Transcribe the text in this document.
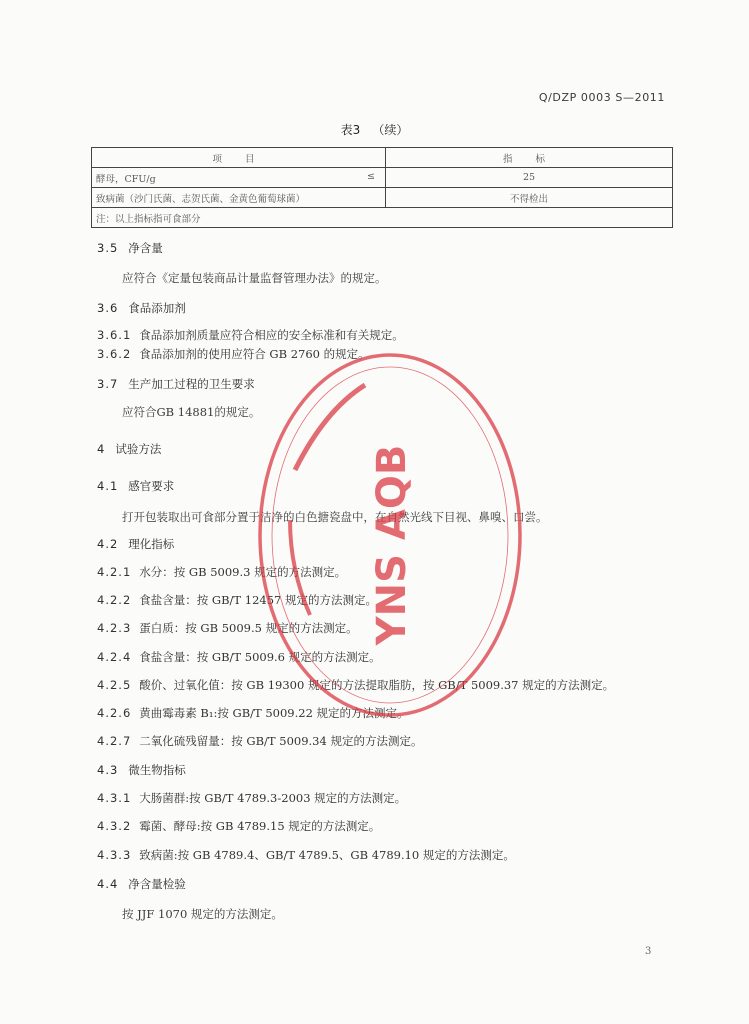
Q/DZP 0003 S—2011
表3 （续）
项 目	指 标
酵母，CFU/g ≤	25
致病菌（沙门氏菌、志贺氏菌、金黄色葡萄球菌）	不得检出
注：以上指标指可食部分	
3.5 净含量
应符合《定量包装商品计量监督管理办法》的规定。
3.6 食品添加剂
3.6.1 食品添加剂质量应符合相应的安全标准和有关规定。
3.6.2 食品添加剂的使用应符合 GB 2760 的规定。
3.7 生产加工过程的卫生要求
应符合GB 14881的规定。
4 试验方法
4.1 感官要求
打开包装取出可食部分置于洁净的白色搪瓷盘中，在自然光线下目视、鼻嗅、口尝。
4.2 理化指标
4.2.1 水分：按 GB 5009.3 规定的方法测定。
4.2.2 食盐含量：按 GB/T 12457 规定的方法测定。
4.2.3 蛋白质：按 GB 5009.5 规定的方法测定。
4.2.4 食盐含量：按 GB/T 5009.6 规定的方法测定。
4.2.5 酸价、过氧化值：按 GB 19300 规定的方法提取脂肪，按 GB/T 5009.37 规定的方法测定。
4.2.6 黄曲霉毒素 B₁:按 GB/T 5009.22 规定的方法测定。
4.2.7 二氧化硫残留量：按 GB/T 5009.34 规定的方法测定。
4.3 微生物指标
4.3.1 大肠菌群:按 GB/T 4789.3-2003 规定的方法测定。
4.3.2 霉菌、酵母:按 GB 4789.15 规定的方法测定。
4.3.3 致病菌:按 GB 4789.4、GB/T 4789.5、GB 4789.10 规定的方法测定。
4.4 净含量检验
按 JJF 1070 规定的方法测定。
3
YNS AQB
